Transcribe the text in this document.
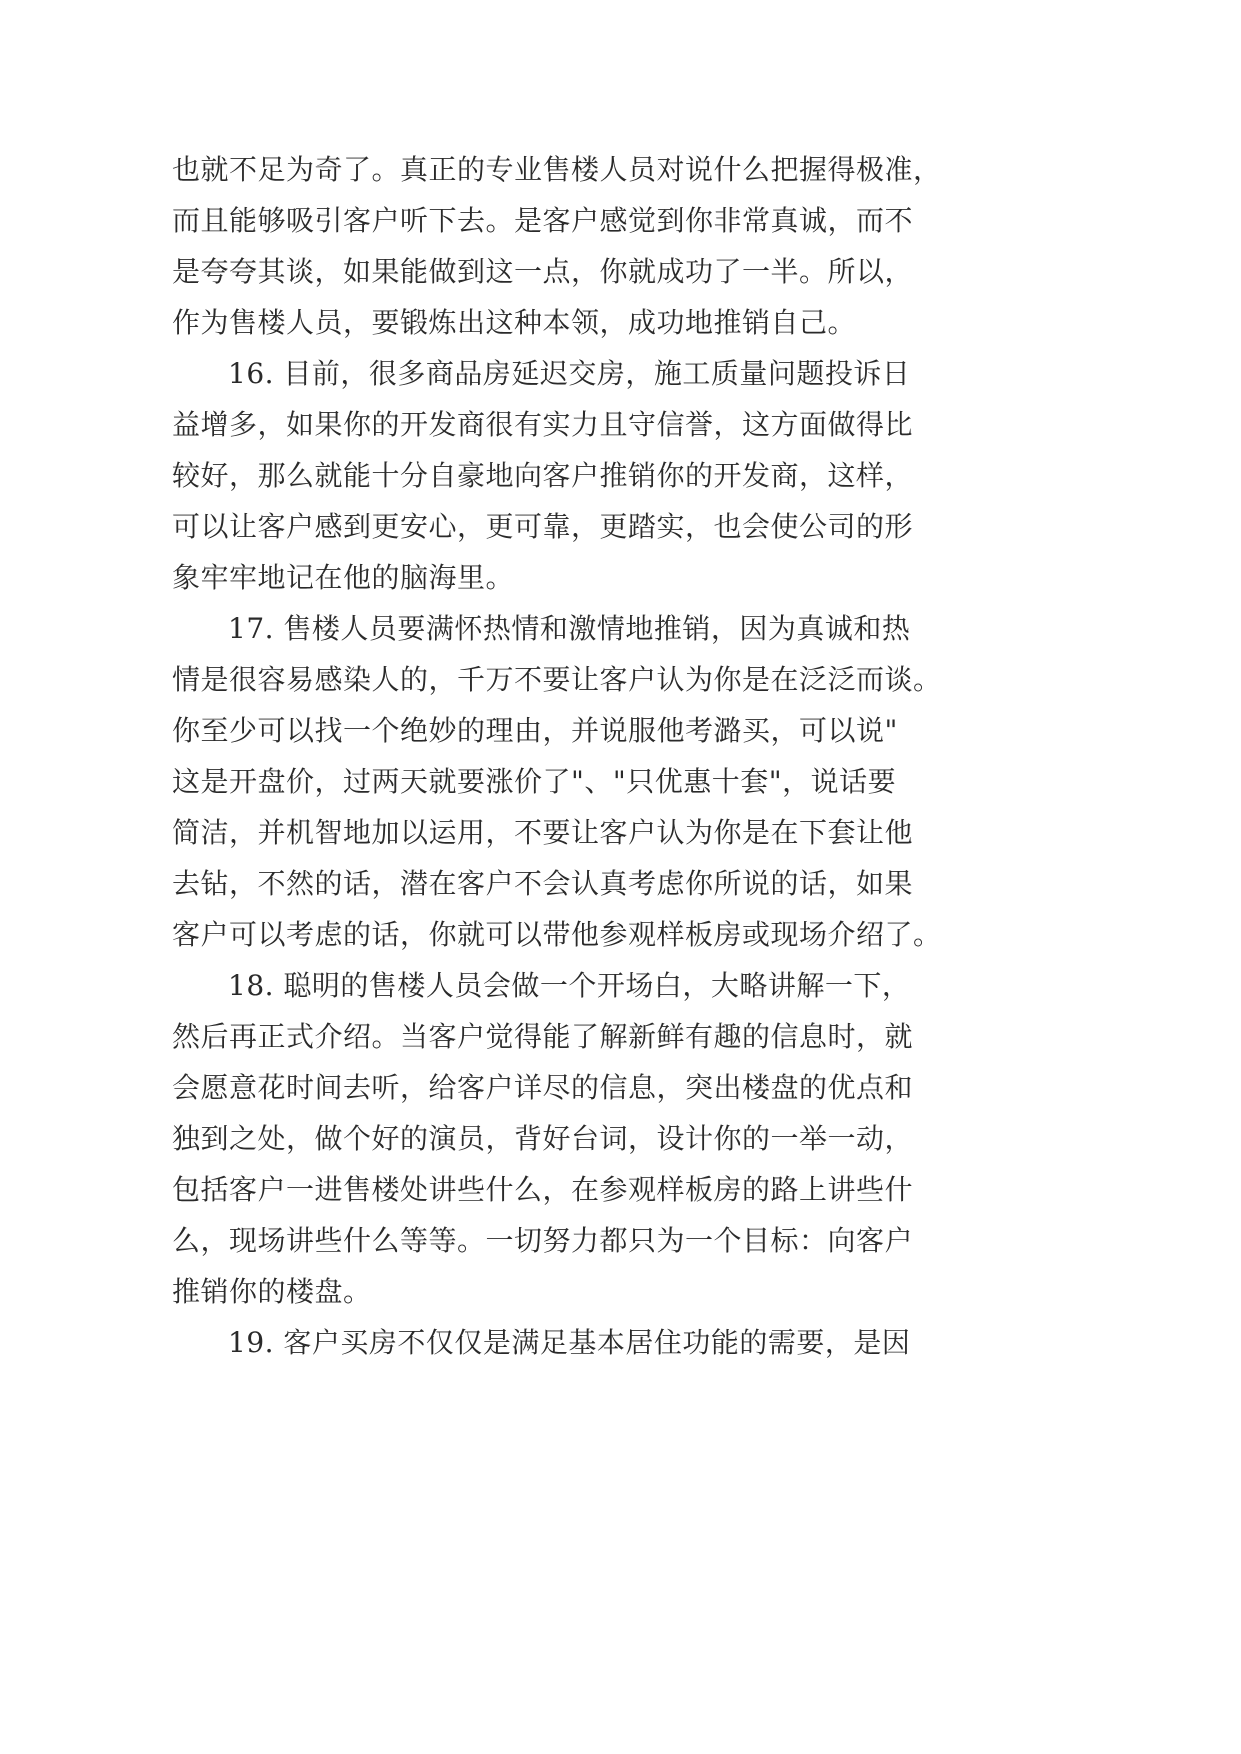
也就不足为奇了。真正的专业售楼人员对说什么把握得极准，
而且能够吸引客户听下去。是客户感觉到你非常真诚，而不
是夸夸其谈，如果能做到这一点，你就成功了一半。所以，
作为售楼人员，要锻炼出这种本领，成功地推销自己。
16. 目前，很多商品房延迟交房，施工质量问题投诉日
益增多，如果你的开发商很有实力且守信誉，这方面做得比
较好，那么就能十分自豪地向客户推销你的开发商，这样，
可以让客户感到更安心，更可靠，更踏实，也会使公司的形
象牢牢地记在他的脑海里。
17. 售楼人员要满怀热情和激情地推销，因为真诚和热
情是很容易感染人的，千万不要让客户认为你是在泛泛而谈。
你至少可以找一个绝妙的理由，并说服他考潞买，可以说"
这是开盘价，过两天就要涨价了"、"只优惠十套"，说话要
简洁，并机智地加以运用，不要让客户认为你是在下套让他
去钻，不然的话，潜在客户不会认真考虑你所说的话，如果
客户可以考虑的话，你就可以带他参观样板房或现场介绍了。
18. 聪明的售楼人员会做一个开场白，大略讲解一下，
然后再正式介绍。当客户觉得能了解新鲜有趣的信息时，就
会愿意花时间去听，给客户详尽的信息，突出楼盘的优点和
独到之处，做个好的演员，背好台词，设计你的一举一动，
包括客户一进售楼处讲些什么，在参观样板房的路上讲些什
么，现场讲些什么等等。一切努力都只为一个目标：向客户
推销你的楼盘。
19. 客户买房不仅仅是满足基本居住功能的需要，是因
